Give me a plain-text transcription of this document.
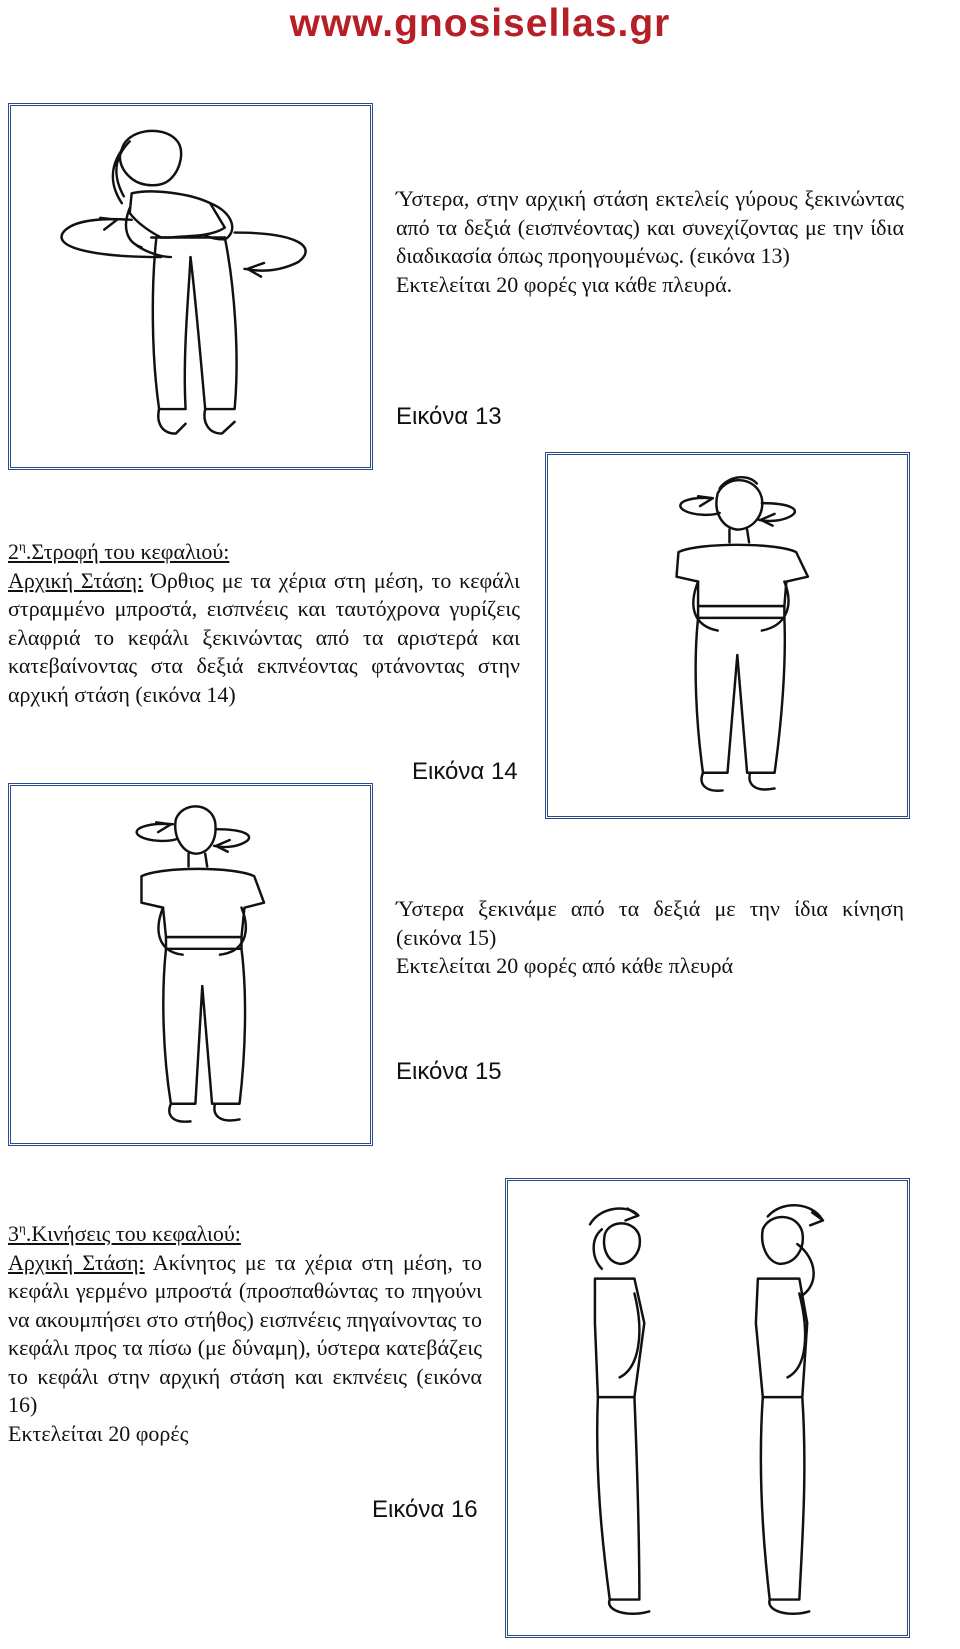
www.gnosisellas.gr

Ύστερα, στην αρχική στάση εκτελείς γύρους ξεκινώντας από τα δεξιά (εισπνέοντας) και συνεχίζοντας με την ίδια διαδικασία όπως προηγουμένως. (εικόνα 13)

Εκτελείται 20 φορές για κάθε πλευρά.

Εικόνα 13

$2^\eta.\Sigma\tau\rho o\varphi ή$ του κεφαλιού:

Αρχική Στάση: Όρθιος με τα χέρια στη μέση, το κεφάλι στραμμένο μπροστά, εισπνέεις και ταυτόχρονα γυρίζεις ελαφριά το κεφάλι ξεκινώντας από τα αριστερά και κατεβαίνοντας στα δεξιά εκπνέοντας φτάνοντας στην αρχική στάση (εικόνα 14)

Εικόνα 14

Ύστερα ξεκινάμε από τα δεξιά με την ίδια κίνηση (εικόνα 15)

Εκτελείται 20 φορές από κάθε πλευρά

Εικόνα 15

$3^\eta.K\iota\nu ή\sigma\varepsilon\iota\varsigma$ του κεφαλιού:

Αρχική Στάση: Ακίνητος με τα χέρια στη μέση, το κεφάλι γερμένο μπροστά (προσπαθώντας το πηγούνι να ακουμπήσει στο στήθος) εισπνέεις πηγαίνοντας το κεφάλι προς τα πίσω (με δύναμη), ύστερα κατεβάζεις το κεφάλι στην αρχική στάση και εκπνέεις (εικόνα 16)

Εκτελείται 20 φορές

Εικόνα 16
